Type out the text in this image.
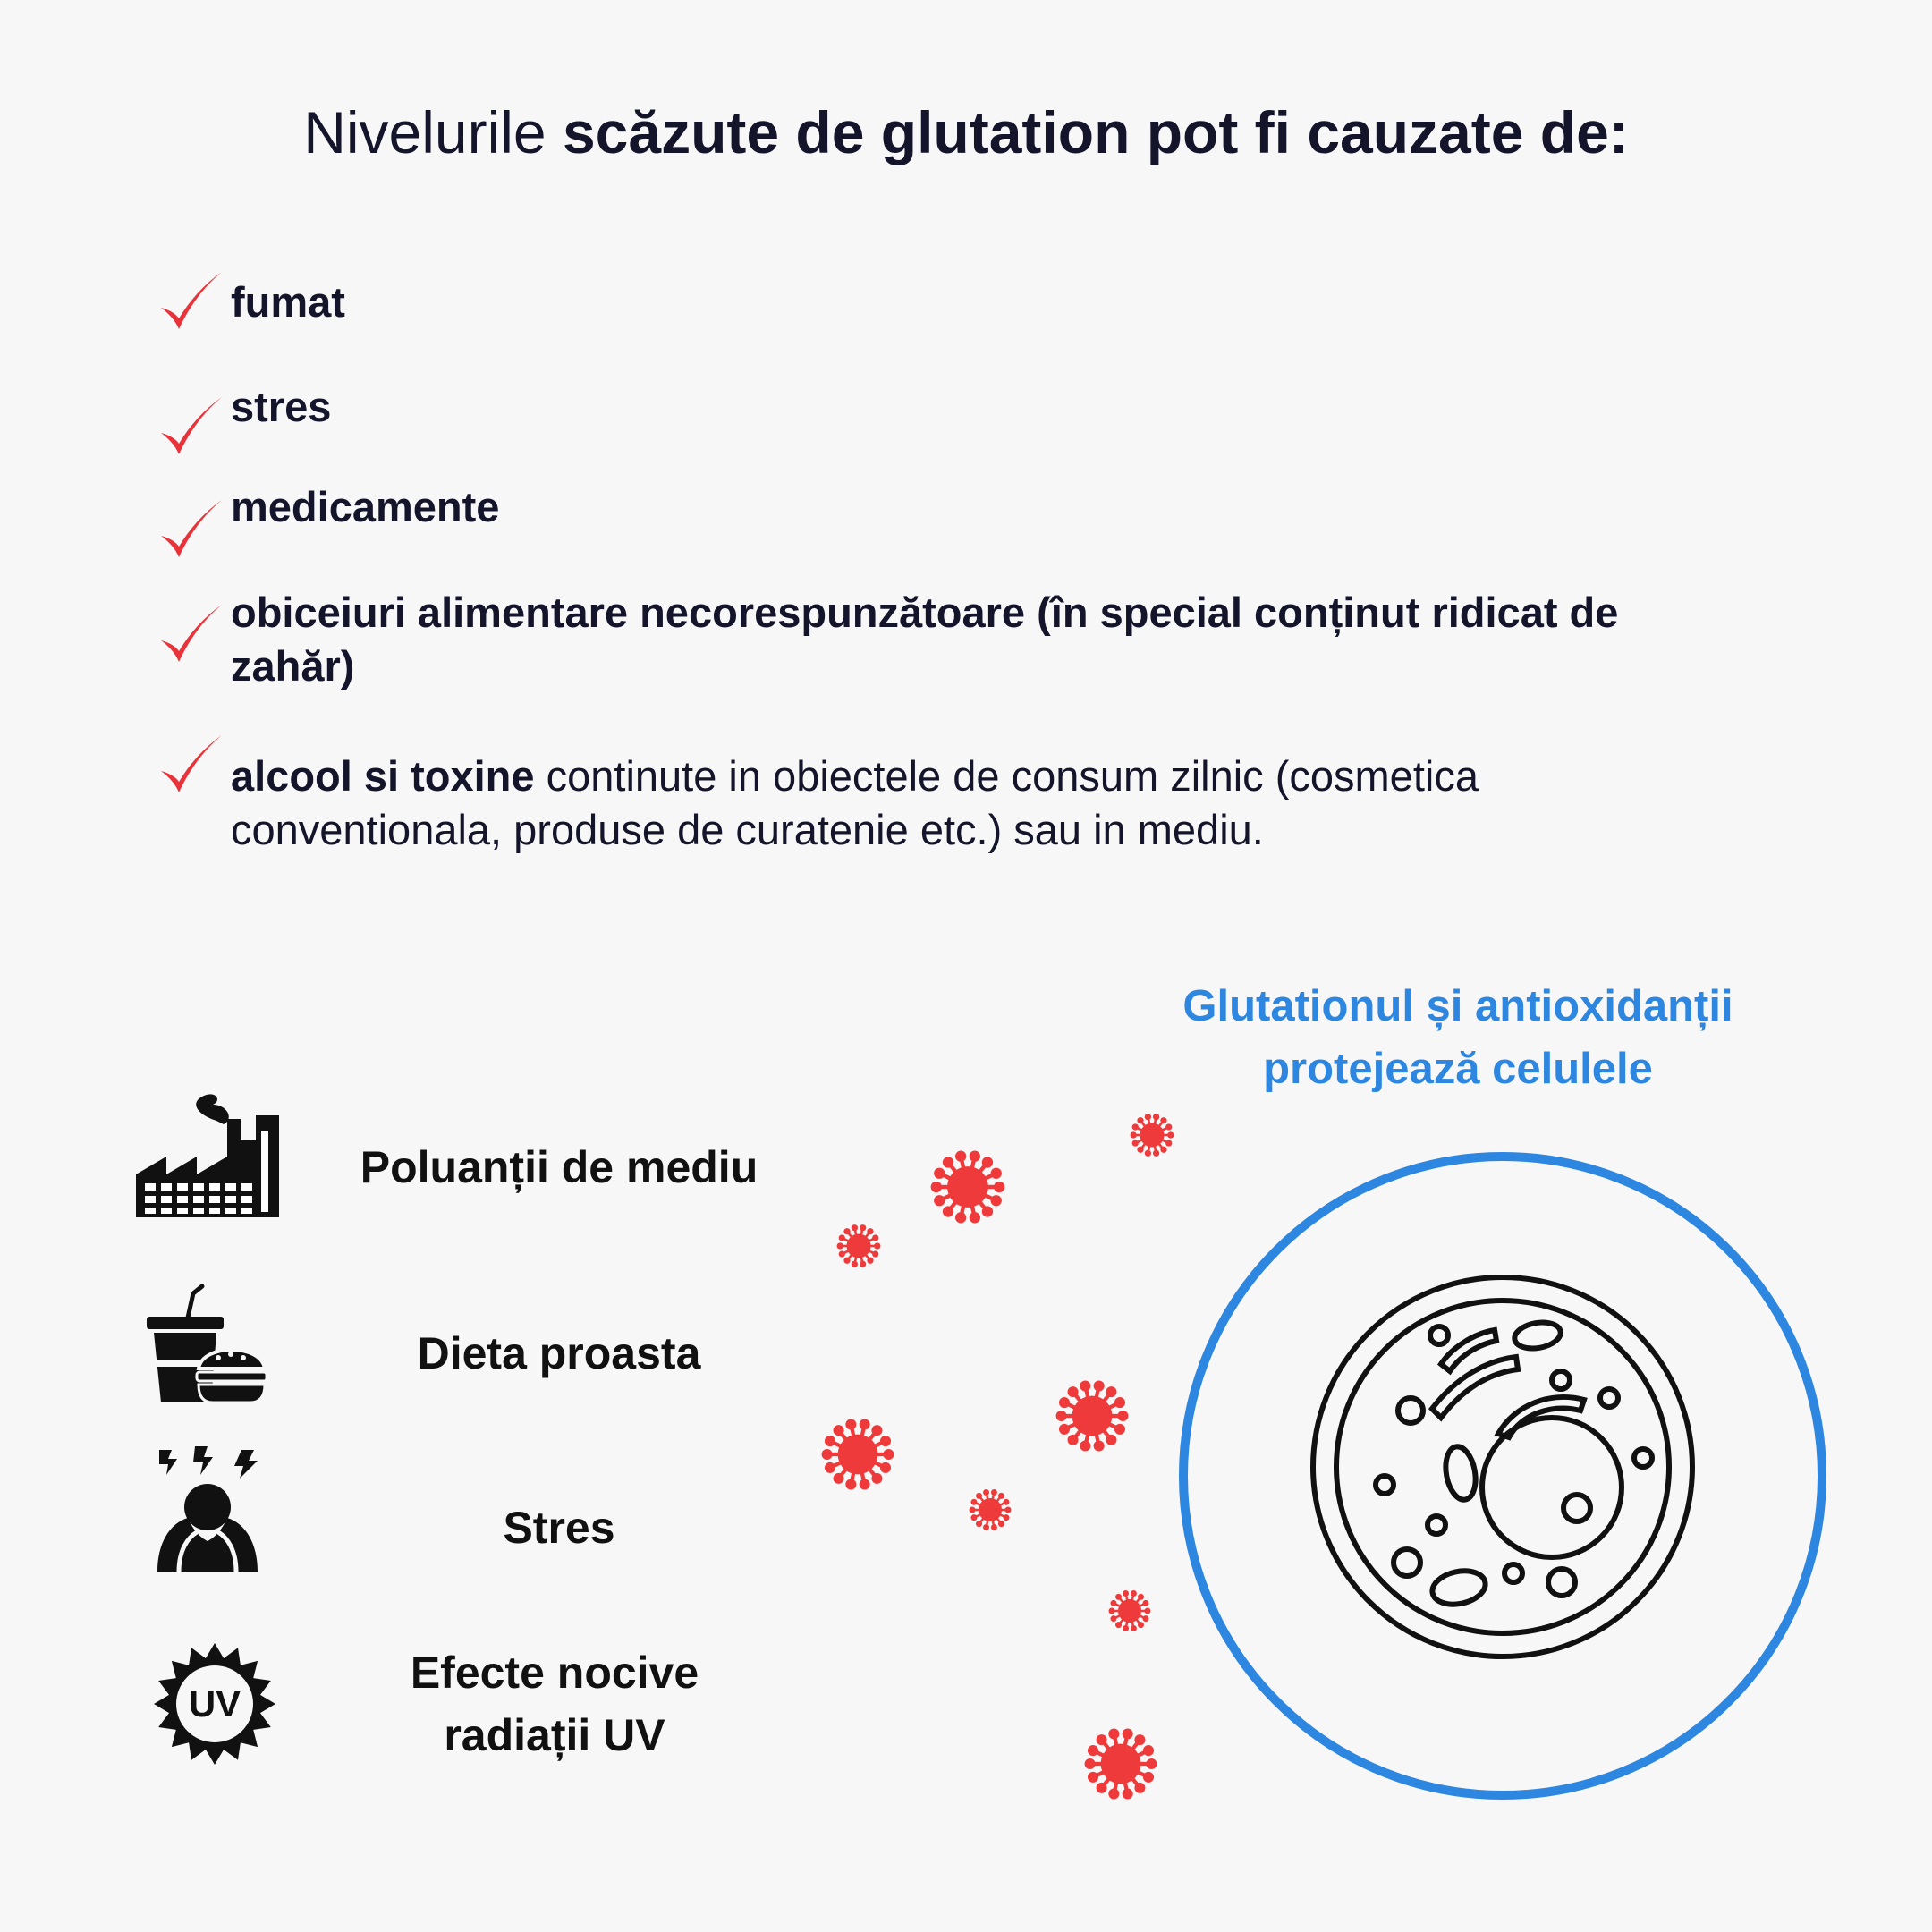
Nivelurile scăzute de glutation pot fi cauzate de:
fumat
stres
medicamente
obiceiuri alimentare necorespunzătoare (în special conținut ridicat de zahăr)
alcool si toxine continute in obiectele de consum zilnic (cosmetica conventionala, produse de curatenie etc.) sau in mediu.
UV
Poluanții de mediu
Dieta proasta
Stres
Efecte nocive radiații UV
Glutationul și antioxidanții protejează celulele
